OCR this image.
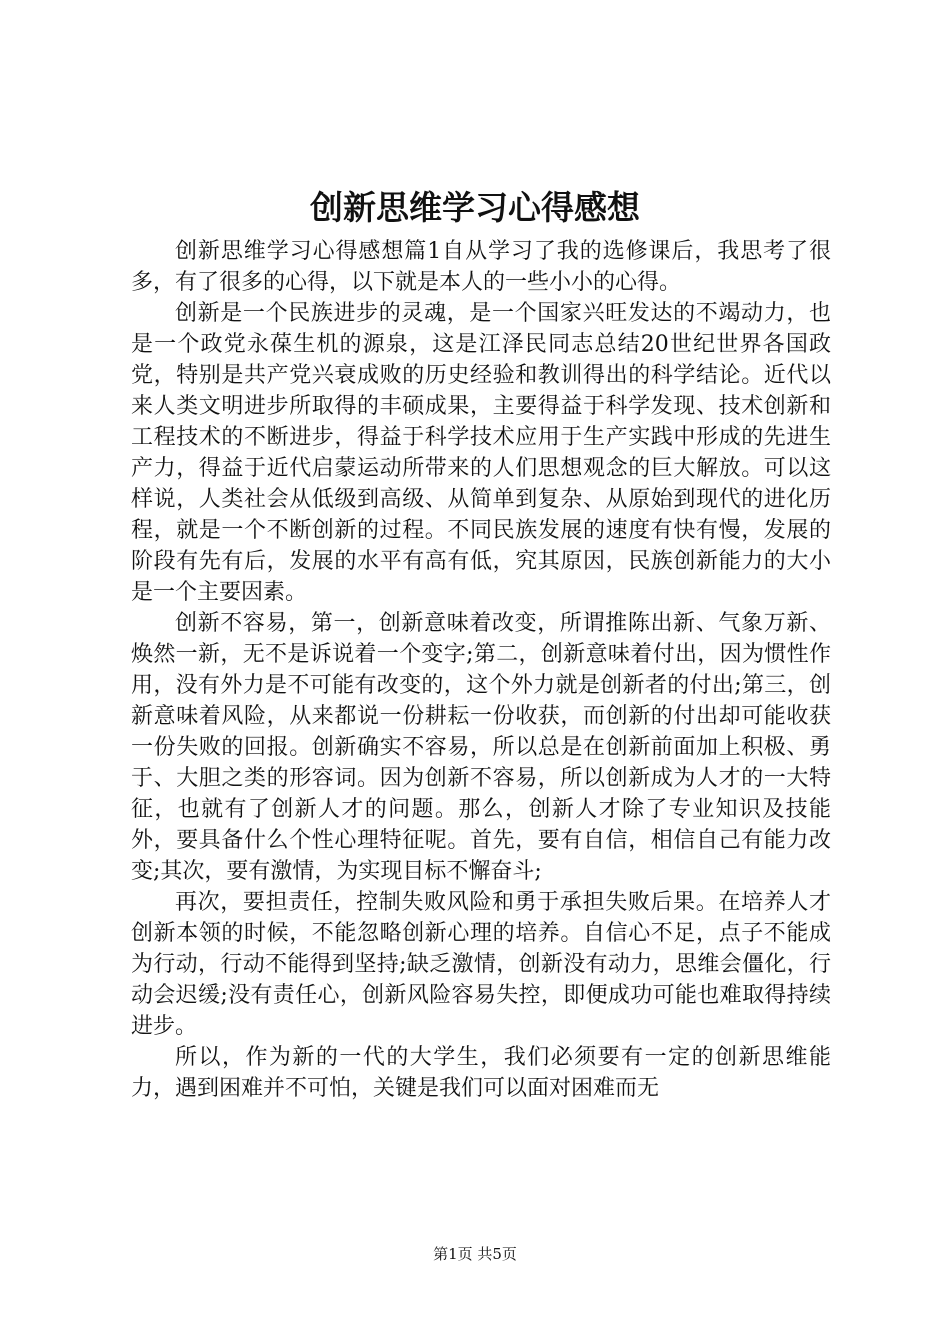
创新思维学习心得感想

创新思维学习心得感想篇1自从学习了我的选修课后，我思考了很多，有了很多的心得，以下就是本人的一些小小的心得。

创新是一个民族进步的灵魂，是一个国家兴旺发达的不竭动力，也是一个政党永葆生机的源泉，这是江泽民同志总结20世纪世界各国政党，特别是共产党兴衰成败的历史经验和教训得出的科学结论。近代以来人类文明进步所取得的丰硕成果，主要得益于科学发现、技术创新和工程技术的不断进步，得益于科学技术应用于生产实践中形成的先进生产力，得益于近代启蒙运动所带来的人们思想观念的巨大解放。可以这样说，人类社会从低级到高级、从简单到复杂、从原始到现代的进化历程，就是一个不断创新的过程。不同民族发展的速度有快有慢，发展的阶段有先有后，发展的水平有高有低，究其原因，民族创新能力的大小是一个主要因素。

创新不容易，第一，创新意味着改变，所谓推陈出新、气象万新、焕然一新，无不是诉说着一个变字;第二，创新意味着付出，因为惯性作用，没有外力是不可能有改变的，这个外力就是创新者的付出;第三，创新意味着风险，从来都说一份耕耘一份收获，而创新的付出却可能收获一份失败的回报。创新确实不容易，所以总是在创新前面加上积极、勇于、大胆之类的形容词。因为创新不容易，所以创新成为人才的一大特征，也就有了创新人才的问题。那么，创新人才除了专业知识及技能外，要具备什么个性心理特征呢。首先，要有自信，相信自己有能力改变;其次，要有激情，为实现目标不懈奋斗;

再次，要担责任，控制失败风险和勇于承担失败后果。在培养人才创新本领的时候，不能忽略创新心理的培养。自信心不足，点子不能成为行动，行动不能得到坚持;缺乏激情，创新没有动力，思维会僵化，行动会迟缓;没有责任心，创新风险容易失控，即便成功可能也难取得持续进步。

所以，作为新的一代的大学生，我们必须要有一定的创新思维能力，遇到困难并不可怕，关键是我们可以面对困难而无

第1页 共5页
